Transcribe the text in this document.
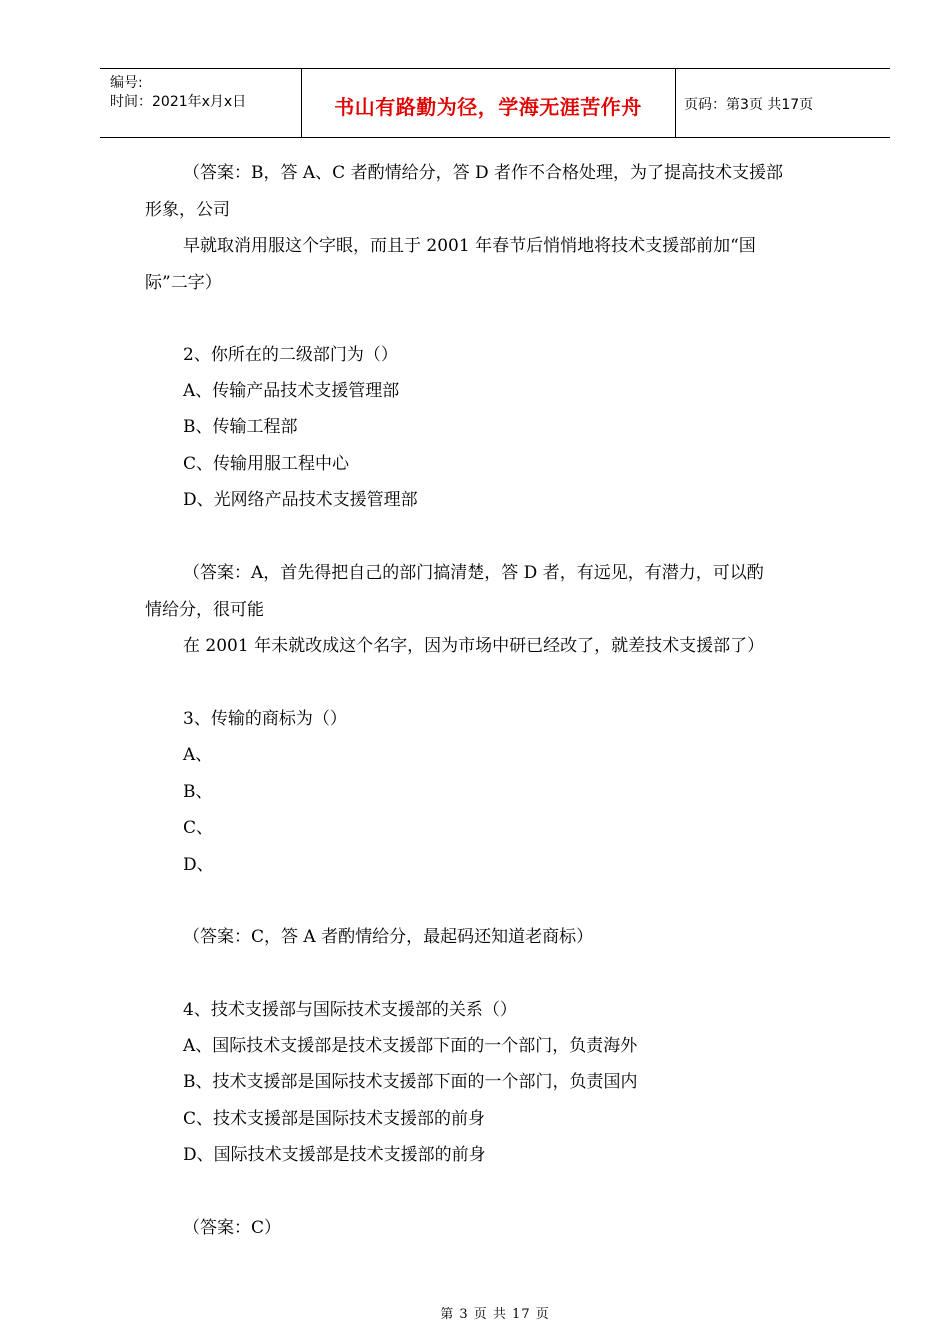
编号:
时间：2021年x月x日	书山有路勤为径，学海无涯苦作舟	页码：第3页 共17页
（答案：B，答 A、C 者酌情给分，答 D 者作不合格处理，为了提高技术支援部
形象，公司
早就取消用服这个字眼，而且于 2001 年春节后悄悄地将技术支援部前加“国
际”二字）
2、你所在的二级部门为（）
A、传输产品技术支援管理部
B、传输工程部
C、传输用服工程中心
D、光网络产品技术支援管理部
（答案：A，首先得把自己的部门搞清楚，答 D 者，有远见，有潜力，可以酌
情给分，很可能
在 2001 年未就改成这个名字，因为市场中研已经改了，就差技术支援部了）
3、传输的商标为（）
A、
B、
C、
D、
（答案：C，答 A 者酌情给分，最起码还知道老商标）
4、技术支援部与国际技术支援部的关系（）
A、国际技术支援部是技术支援部下面的一个部门，负责海外
B、技术支援部是国际技术支援部下面的一个部门，负责国内
C、技术支援部是国际技术支援部的前身
D、国际技术支援部是技术支援部的前身
（答案：C）
第 3 页 共 17 页
